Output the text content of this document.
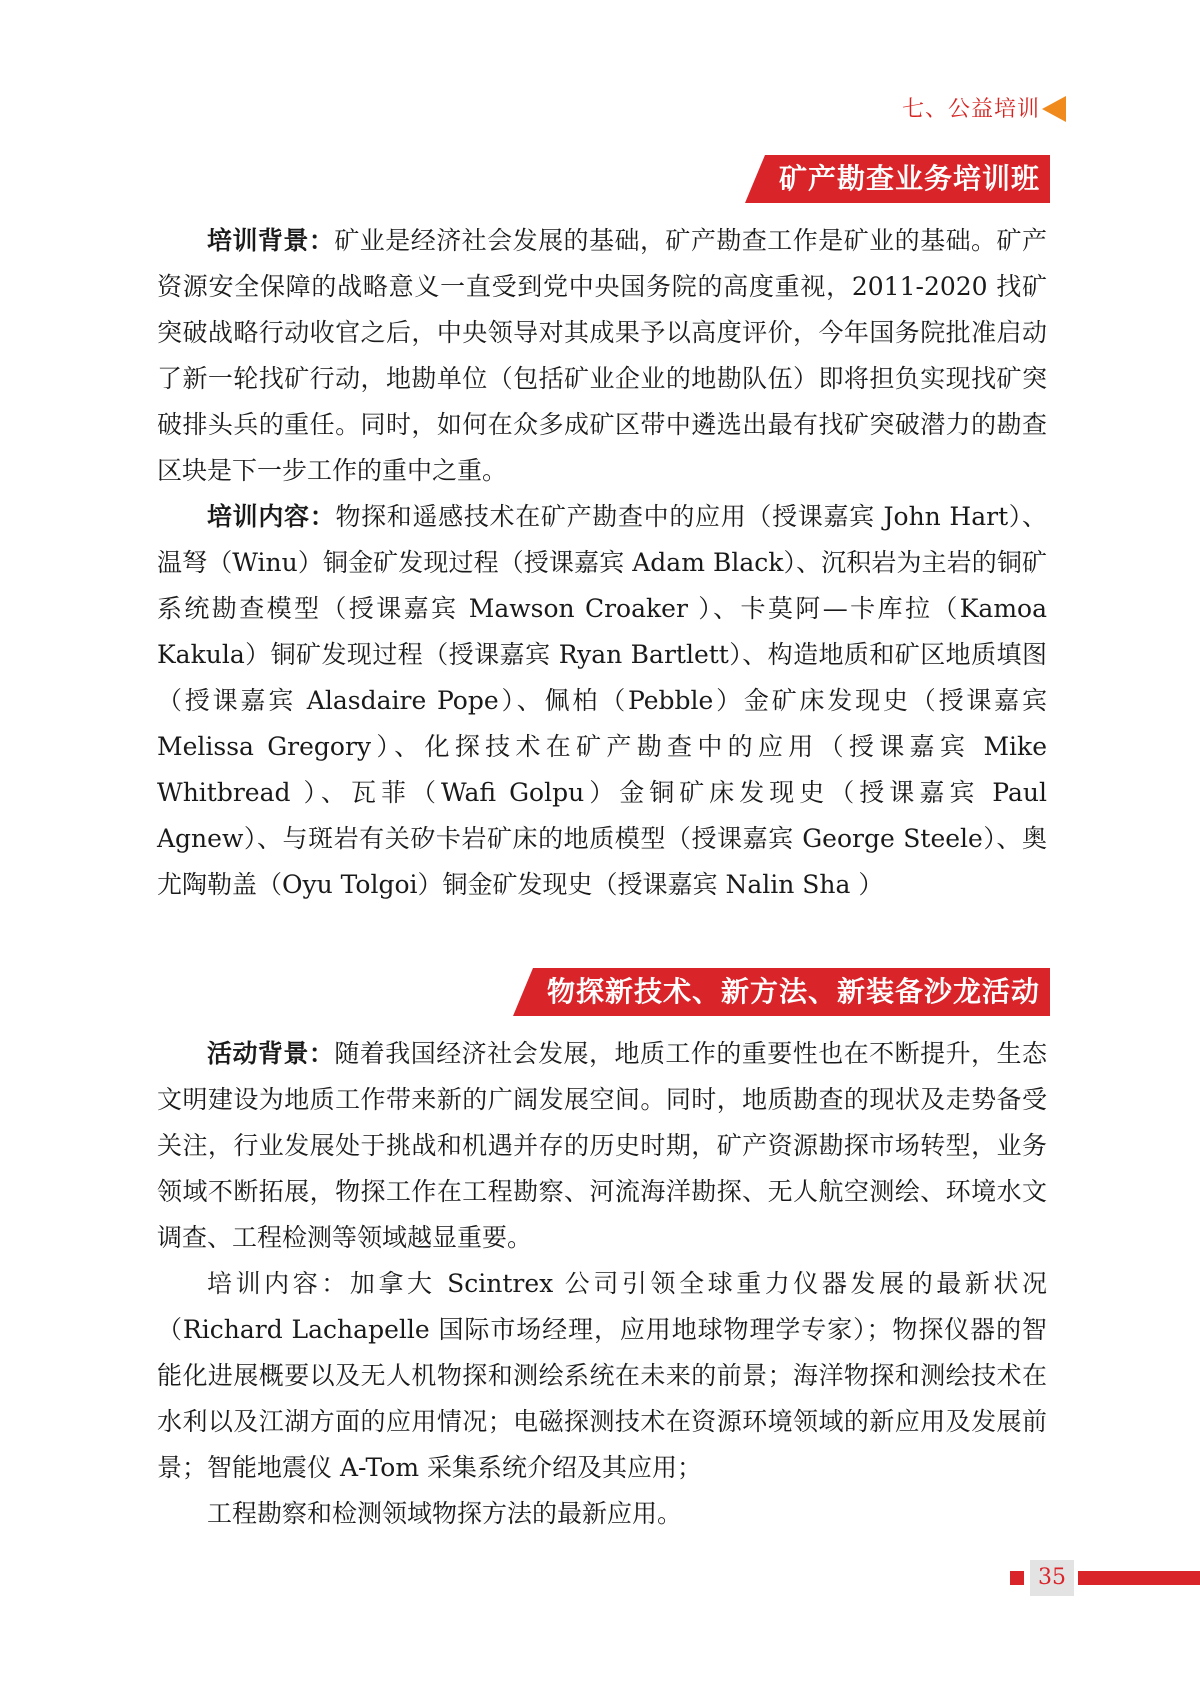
七、公益培训
矿产勘查业务培训班

培训背景：矿业是经济社会发展的基础，矿产勘查工作是矿业的基础。矿产资源安全保障的战略意义一直受到党中央国务院的高度重视，2011-2020 找矿突破战略行动收官之后，中央领导对其成果予以高度评价，今年国务院批准启动了新一轮找矿行动，地勘单位（包括矿业企业的地勘队伍）即将担负实现找矿突破排头兵的重任。同时，如何在众多成矿区带中遴选出最有找矿突破潜力的勘查区块是下一步工作的重中之重。

培训内容：物探和遥感技术在矿产勘查中的应用（授课嘉宾 John Hart）、温弩（Winu）铜金矿发现过程（授课嘉宾 Adam Black）、沉积岩为主岩的铜矿系统勘查模型（授课嘉宾 Mawson Croaker ）、卡莫阿—卡库拉（Kamoa Kakula）铜矿发现过程（授课嘉宾 Ryan Bartlett）、构造地质和矿区地质填图（授课嘉宾 Alasdaire Pope）、佩柏（Pebble）金矿床发现史（授课嘉宾 Melissa Gregory）、化探技术在矿产勘查中的应用（授课嘉宾 Mike Whitbread ）、瓦菲（Wafi Golpu）金铜矿床发现史（授课嘉宾 Paul Agnew）、与斑岩有关矽卡岩矿床的地质模型（授课嘉宾 George Steele）、奥尤陶勒盖（Oyu Tolgoi）铜金矿发现史（授课嘉宾 Nalin Sha ）

物探新技术、新方法、新装备沙龙活动

活动背景：随着我国经济社会发展，地质工作的重要性也在不断提升，生态文明建设为地质工作带来新的广阔发展空间。同时，地质勘查的现状及走势备受关注，行业发展处于挑战和机遇并存的历史时期，矿产资源勘探市场转型，业务领域不断拓展，物探工作在工程勘察、河流海洋勘探、无人航空测绘、环境水文调查、工程检测等领域越显重要。

培训内容：加拿大 Scintrex 公司引领全球重力仪器发展的最新状况（Richard Lachapelle 国际市场经理，应用地球物理学专家）；物探仪器的智能化进展概要以及无人机物探和测绘系统在未来的前景；海洋物探和测绘技术在水利以及江湖方面的应用情况；电磁探测技术在资源环境领域的新应用及发展前景；智能地震仪 A-Tom 采集系统介绍及其应用；

工程勘察和检测领域物探方法的最新应用。

35
